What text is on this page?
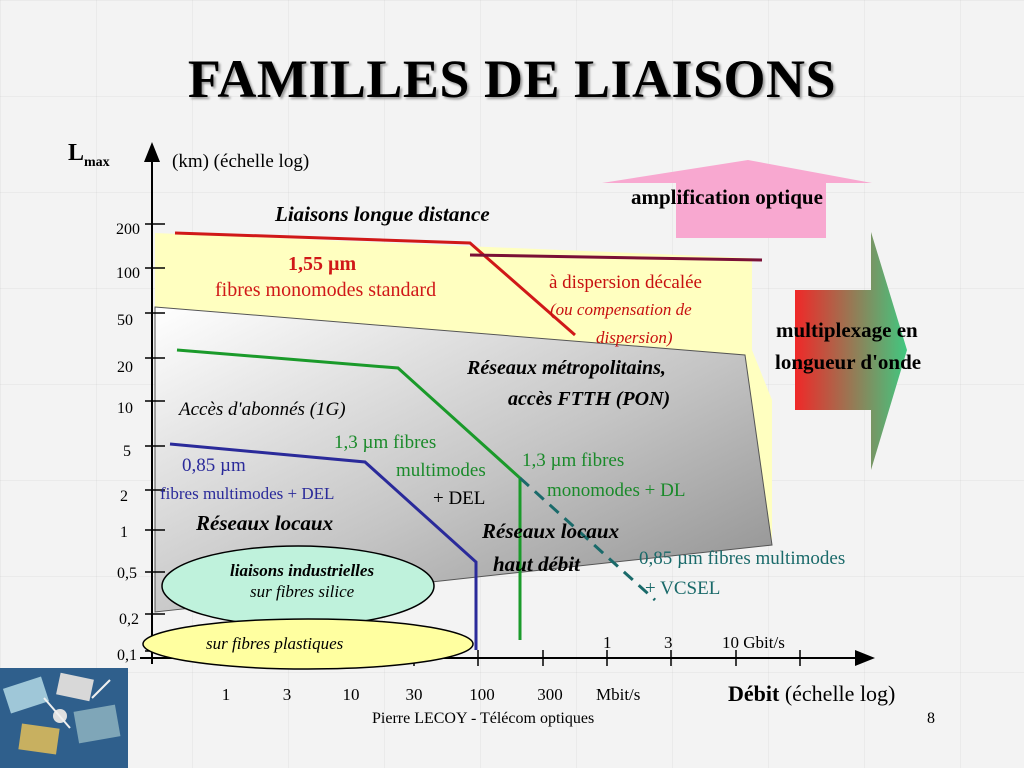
FAMILLES DE LIAISONS
$L_{max}$	(km) (échelle log)
200
100
50
20
10
5
2
1
0,5
0,2
0,1
1	3	10	30	100	300	Mbit/s
1	3	10 Gbit/s
Débit (échelle log)
Liaisons longue distance
1,55 µm
fibres monomodes standard	à dispersion décalée
(ou compensation de
dispersion)
Réseaux métropolitains,
accès FTTH (PON)
Accès d'abonnés (1G)
1,3 µm fibres
multimodes
+ DEL
1,3 µm fibres
monomodes + DL
0,85 µm
fibres multimodes + DEL
Réseaux locaux	Réseaux locaux
haut débit	0,85 µm fibres multimodes
+ VCSEL
liaisons industrielles
sur fibres silice
sur fibres plastiques
amplification optique
multiplexage en
longueur d'onde
Pierre LECOY - Télécom optiques	8
